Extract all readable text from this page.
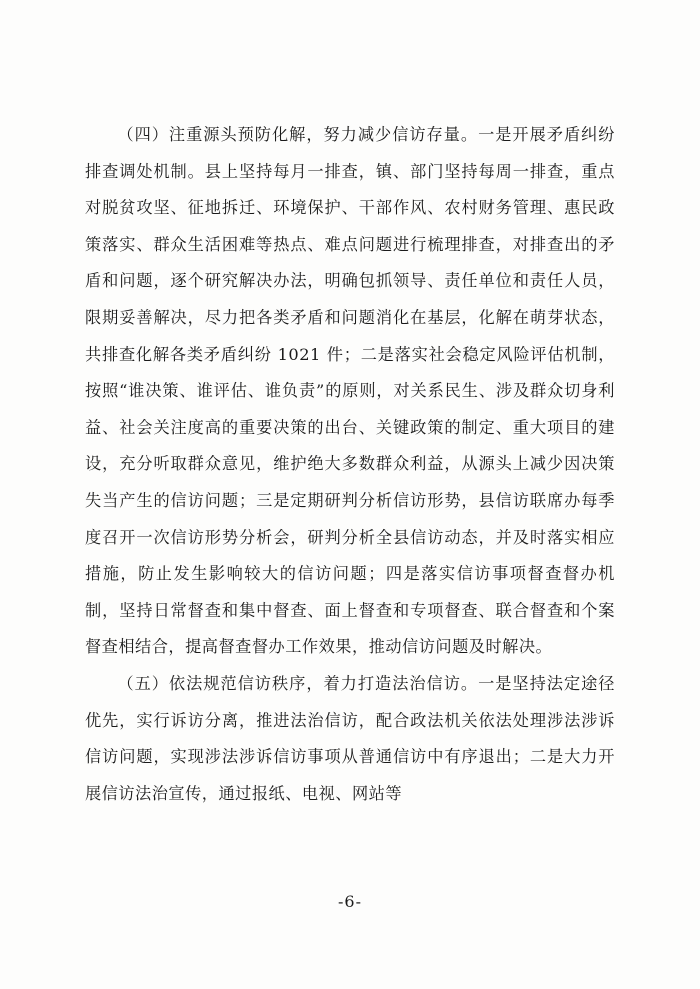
（四）注重源头预防化解，努力减少信访存量。一是开展矛盾纠纷排查调处机制。县上坚持每月一排查，镇、部门坚持每周一排查，重点对脱贫攻坚、征地拆迁、环境保护、干部作风、农村财务管理、惠民政策落实、群众生活困难等热点、难点问题进行梳理排查，对排查出的矛盾和问题，逐个研究解决办法，明确包抓领导、责任单位和责任人员，限期妥善解决，尽力把各类矛盾和问题消化在基层，化解在萌芽状态，共排查化解各类矛盾纠纷 1021 件；二是落实社会稳定风险评估机制，按照“谁决策、谁评估、谁负责”的原则，对关系民生、涉及群众切身利益、社会关注度高的重要决策的出台、关键政策的制定、重大项目的建设，充分听取群众意见，维护绝大多数群众利益，从源头上减少因决策失当产生的信访问题；三是定期研判分析信访形势，县信访联席办每季度召开一次信访形势分析会，研判分析全县信访动态，并及时落实相应措施，防止发生影响较大的信访问题；四是落实信访事项督查督办机制，坚持日常督查和集中督查、面上督查和专项督查、联合督查和个案督查相结合，提高督查督办工作效果，推动信访问题及时解决。

（五）依法规范信访秩序，着力打造法治信访。一是坚持法定途径优先，实行诉访分离，推进法治信访，配合政法机关依法处理涉法涉诉信访问题，实现涉法涉诉信访事项从普通信访中有序退出；二是大力开展信访法治宣传，通过报纸、电视、网站等

-6-
